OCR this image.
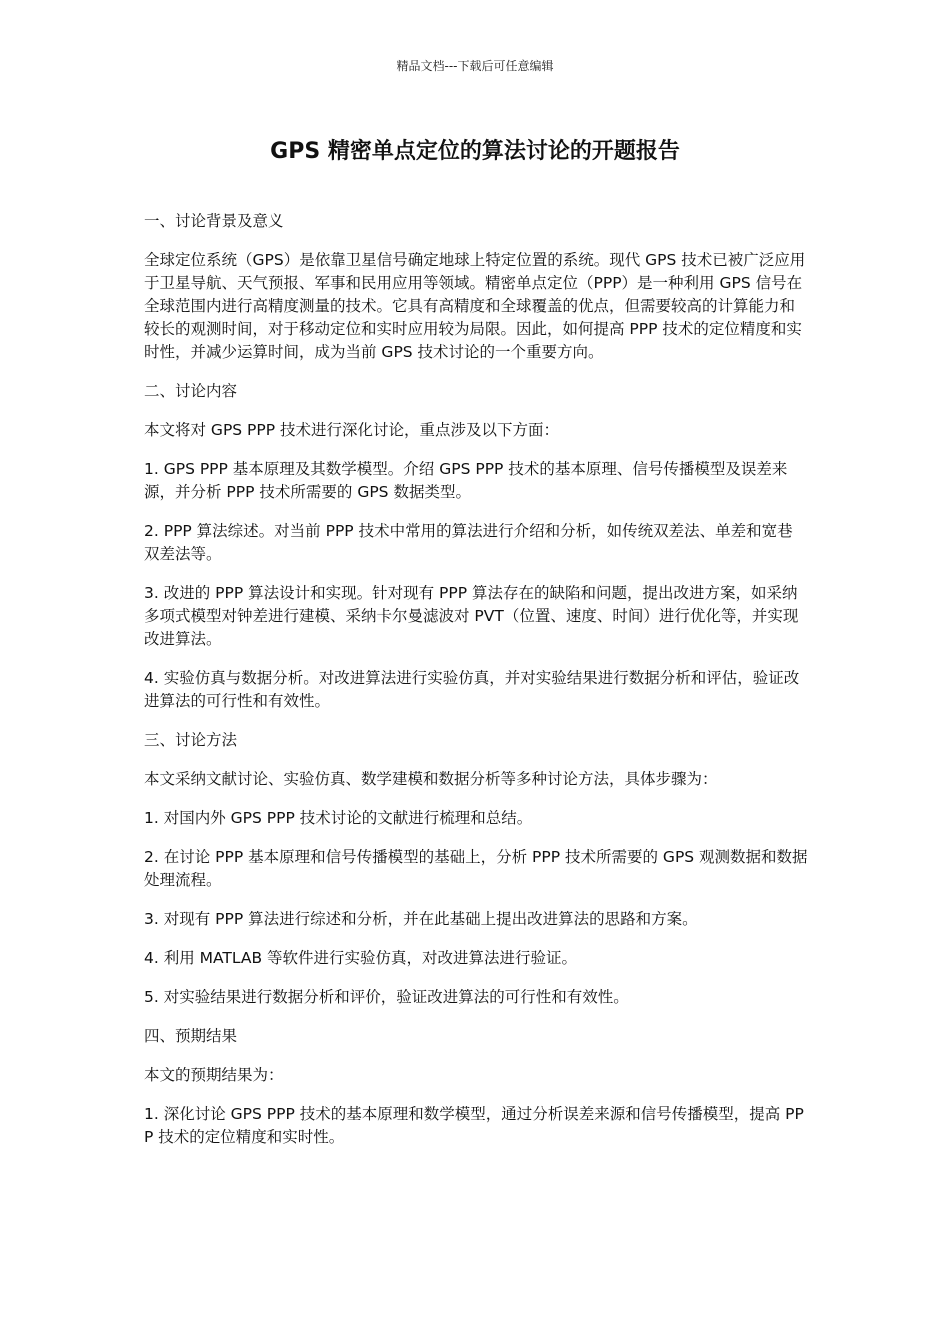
精品文档---下载后可任意编辑
GPS 精密单点定位的算法讨论的开题报告
一、讨论背景及意义

全球定位系统（GPS）是依靠卫星信号确定地球上特定位置的系统。现代 GPS 技术已被广泛应用于卫星导航、天气预报、军事和民用应用等领域。精密单点定位（PPP）是一种利用 GPS 信号在全球范围内进行高精度测量的技术。它具有高精度和全球覆盖的优点，但需要较高的计算能力和较长的观测时间，对于移动定位和实时应用较为局限。因此，如何提高 PPP 技术的定位精度和实时性，并减少运算时间，成为当前 GPS 技术讨论的一个重要方向。

二、讨论内容

本文将对 GPS PPP 技术进行深化讨论，重点涉及以下方面：

1. GPS PPP 基本原理及其数学模型。介绍 GPS PPP 技术的基本原理、信号传播模型及误差来源，并分析 PPP 技术所需要的 GPS 数据类型。

2. PPP 算法综述。对当前 PPP 技术中常用的算法进行介绍和分析，如传统双差法、单差和宽巷双差法等。

3. 改进的 PPP 算法设计和实现。针对现有 PPP 算法存在的缺陷和问题，提出改进方案，如采纳多项式模型对钟差进行建模、采纳卡尔曼滤波对 PVT（位置、速度、时间）进行优化等，并实现改进算法。

4. 实验仿真与数据分析。对改进算法进行实验仿真，并对实验结果进行数据分析和评估，验证改进算法的可行性和有效性。

三、讨论方法

本文采纳文献讨论、实验仿真、数学建模和数据分析等多种讨论方法，具体步骤为：

1. 对国内外 GPS PPP 技术讨论的文献进行梳理和总结。

2. 在讨论 PPP 基本原理和信号传播模型的基础上，分析 PPP 技术所需要的 GPS 观测数据和数据处理流程。

3. 对现有 PPP 算法进行综述和分析，并在此基础上提出改进算法的思路和方案。

4. 利用 MATLAB 等软件进行实验仿真，对改进算法进行验证。

5. 对实验结果进行数据分析和评价，验证改进算法的可行性和有效性。

四、预期结果

本文的预期结果为：

1. 深化讨论 GPS PPP 技术的基本原理和数学模型，通过分析误差来源和信号传播模型，提高 PPP 技术的定位精度和实时性。
